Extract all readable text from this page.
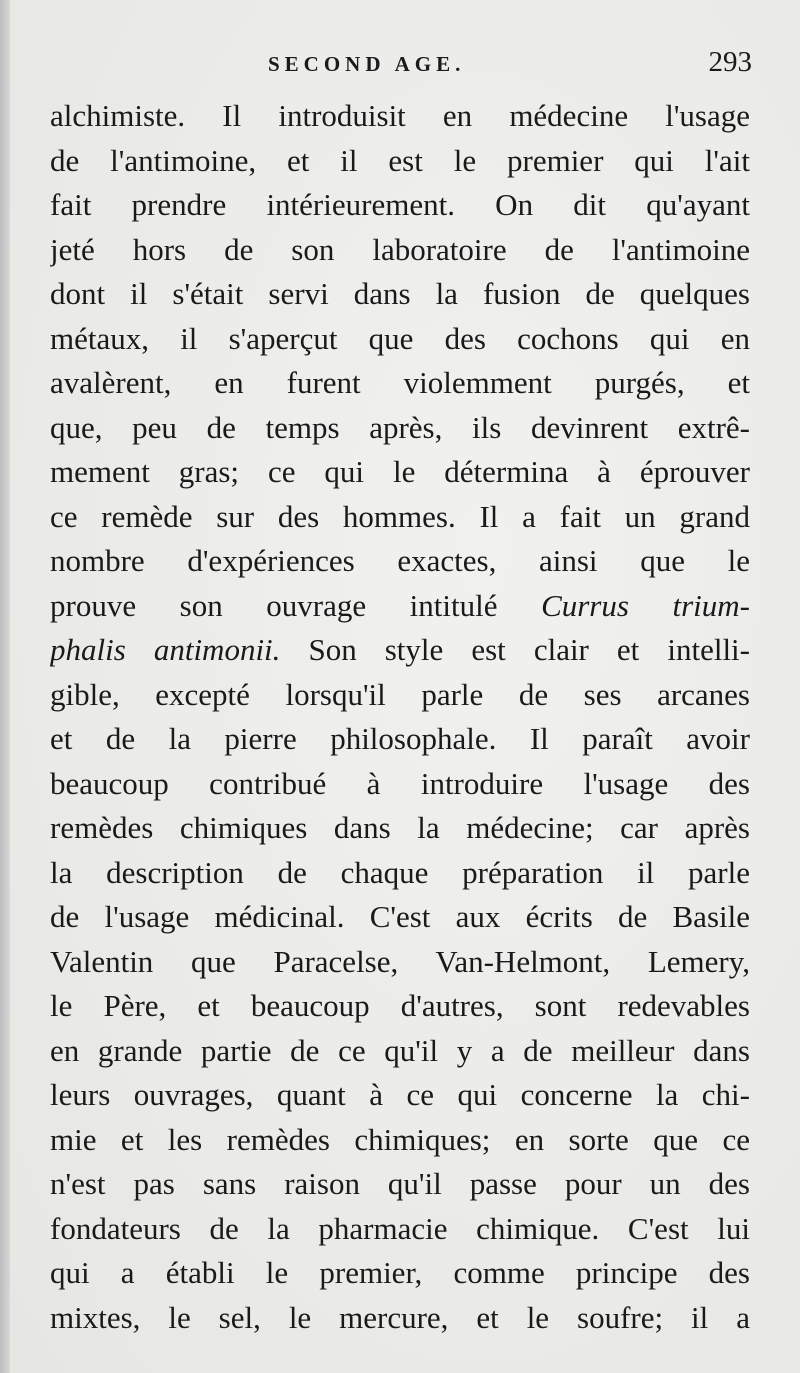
SECOND AGE.	293
alchimiste. Il introduisit en médecine l'usage
de l'antimoine, et il est le premier qui l'ait
fait prendre intérieurement. On dit qu'ayant
jeté hors de son laboratoire de l'antimoine
dont il s'était servi dans la fusion de quelques
métaux, il s'aperçut que des cochons qui en
avalèrent, en furent violemment purgés, et
que, peu de temps après, ils devinrent extrê-
mement gras; ce qui le détermina à éprouver
ce remède sur des hommes. Il a fait un grand
nombre d'expériences exactes, ainsi que le
prouve son ouvrage intitulé Currus trium-
phalis antimonii. Son style est clair et intelli-
gible, excepté lorsqu'il parle de ses arcanes
et de la pierre philosophale. Il paraît avoir
beaucoup contribué à introduire l'usage des
remèdes chimiques dans la médecine; car après
la description de chaque préparation il parle
de l'usage médicinal. C'est aux écrits de Basile
Valentin que Paracelse, Van-Helmont, Lemery,
le Père, et beaucoup d'autres, sont redevables
en grande partie de ce qu'il y a de meilleur dans
leurs ouvrages, quant à ce qui concerne la chi-
mie et les remèdes chimiques; en sorte que ce
n'est pas sans raison qu'il passe pour un des
fondateurs de la pharmacie chimique. C'est lui
qui a établi le premier, comme principe des
mixtes, le sel, le mercure, et le soufre; il a
